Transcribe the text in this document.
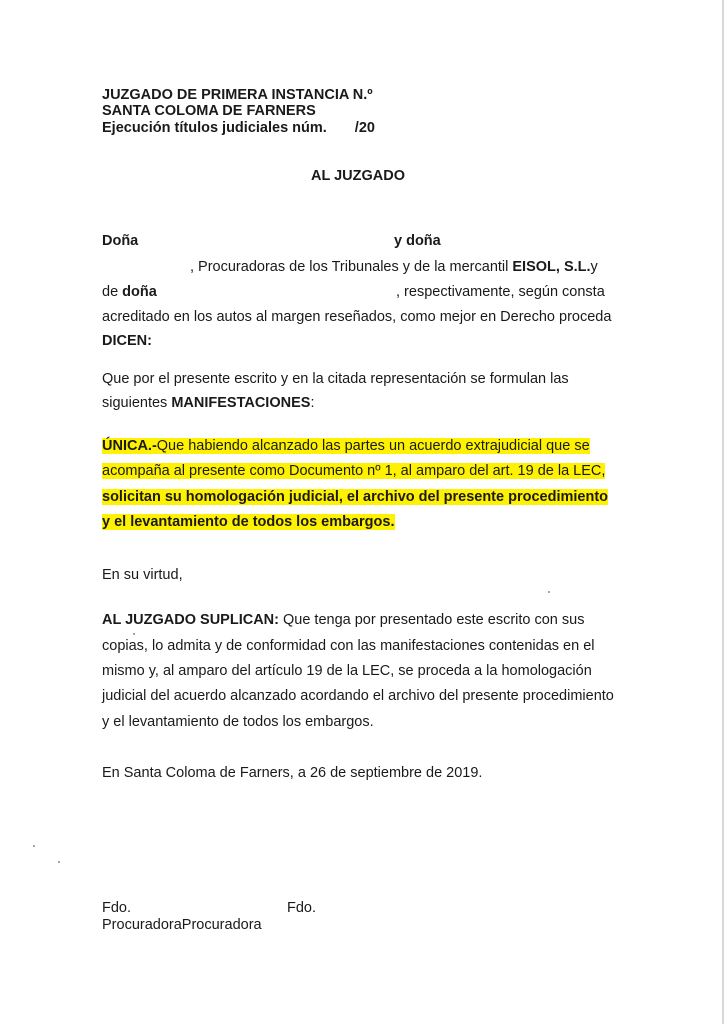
JUZGADO DE PRIMERA INSTANCIA N.º
SANTA COLOMA DE FARNERS
Ejecución títulos judiciales núm. /20
AL JUZGADO
Doña	y doña
, Procuradoras de los Tribunales y de la mercantil EISOL, S.L.y
de doña	, respectivamente, según consta
acreditado en los autos al margen reseñados, como mejor en Derecho proceda
DICEN:
Que por el presente escrito y en la citada representación se formulan las
siguientes MANIFESTACIONES:
ÚNICA.-Que habiendo alcanzado las partes un acuerdo extrajudicial que se
acompaña al presente como Documento nº 1, al amparo del art. 19 de la LEC,
solicitan su homologación judicial, el archivo del presente procedimiento
y el levantamiento de todos los embargos.
En su virtud,
AL JUZGADO SUPLICAN: Que tenga por presentado este escrito con sus
copias, lo admita y de conformidad con las manifestaciones contenidas en el
mismo y, al amparo del artículo 19 de la LEC, se proceda a la homologación
judicial del acuerdo alcanzado acordando el archivo del presente procedimiento
y el levantamiento de todos los embargos.
En Santa Coloma de Farners, a 26 de septiembre de 2019.
Fdo.	Fdo.
ProcuradoraProcuradora
